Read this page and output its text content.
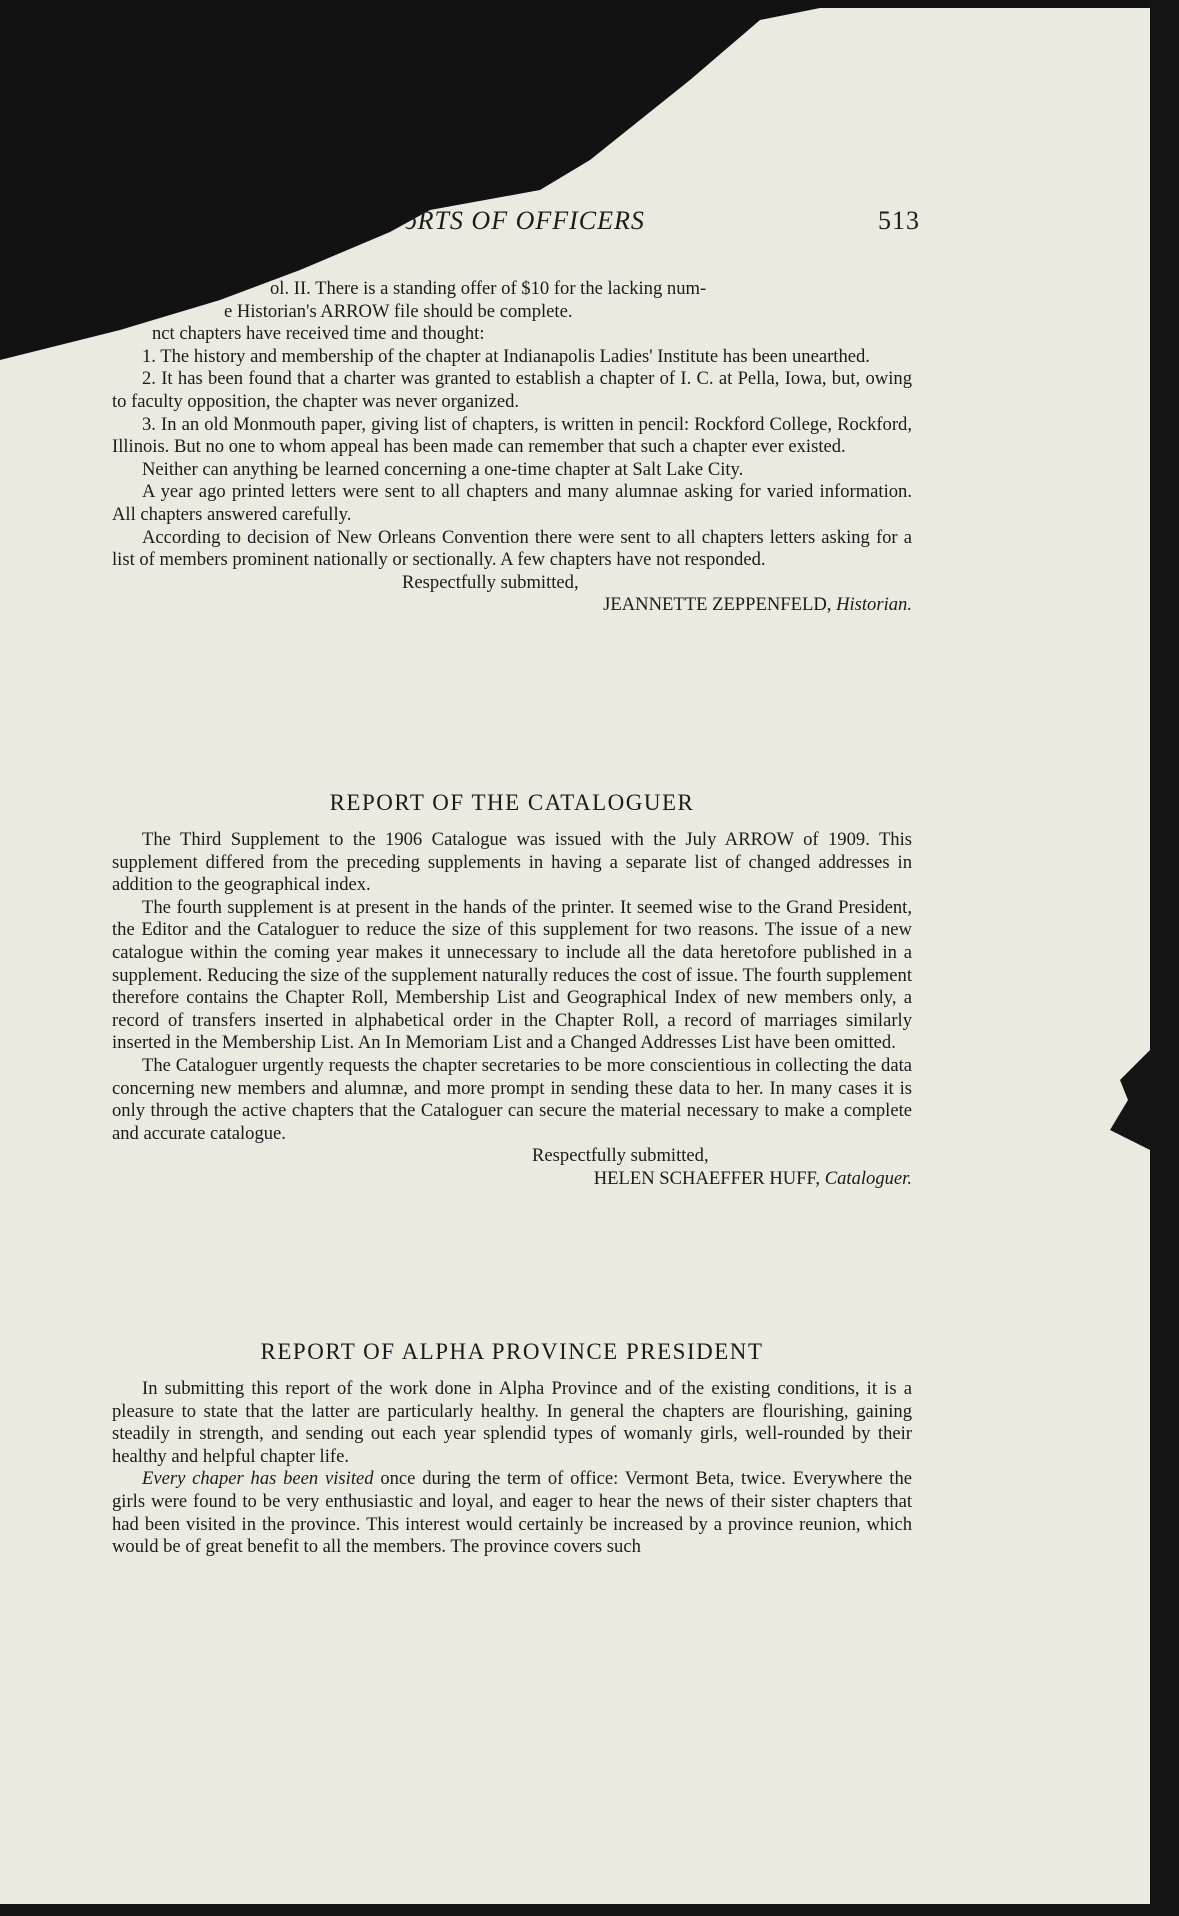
ↄRTS OF OFFICERS	513

ol. II. There is a standing offer of $10 for the lacking num-

e Historian's ARROW file should be complete.

nct chapters have received time and thought:

1. The history and membership of the chapter at Indianapolis Ladies' Institute has been unearthed.

2. It has been found that a charter was granted to establish a chapter of I. C. at Pella, Iowa, but, owing to faculty opposition, the chapter was never organized.

3. In an old Monmouth paper, giving list of chapters, is written in pencil: Rockford College, Rockford, Illinois. But no one to whom appeal has been made can remember that such a chapter ever existed.

Neither can anything be learned concerning a one-time chapter at Salt Lake City.

A year ago printed letters were sent to all chapters and many alumnae asking for varied information. All chapters answered carefully.

According to decision of New Orleans Convention there were sent to all chapters letters asking for a list of members prominent nationally or sectionally. A few chapters have not responded.

Respectfully submitted,

JEANNETTE ZEPPENFELD, Historian.

REPORT OF THE CATALOGUER

The Third Supplement to the 1906 Catalogue was issued with the July ARROW of 1909. This supplement differed from the preceding supplements in having a separate list of changed addresses in addition to the geographical index.

The fourth supplement is at present in the hands of the printer. It seemed wise to the Grand President, the Editor and the Cataloguer to reduce the size of this supplement for two reasons. The issue of a new catalogue within the coming year makes it unnecessary to include all the data heretofore published in a supplement. Reducing the size of the supplement naturally reduces the cost of issue. The fourth supplement therefore contains the Chapter Roll, Membership List and Geographical Index of new members only, a record of transfers inserted in alphabetical order in the Chapter Roll, a record of marriages similarly inserted in the Membership List. An In Memoriam List and a Changed Addresses List have been omitted.

The Cataloguer urgently requests the chapter secretaries to be more conscientious in collecting the data concerning new members and alumnæ, and more prompt in sending these data to her. In many cases it is only through the active chapters that the Cataloguer can secure the material necessary to make a complete and accurate catalogue.

Respectfully submitted,

HELEN SCHAEFFER HUFF, Cataloguer.

REPORT OF ALPHA PROVINCE PRESIDENT

In submitting this report of the work done in Alpha Province and of the existing conditions, it is a pleasure to state that the latter are particularly healthy. In general the chapters are flourishing, gaining steadily in strength, and sending out each year splendid types of womanly girls, well-rounded by their healthy and helpful chapter life.

Every chaper has been visited once during the term of office: Vermont Beta, twice. Everywhere the girls were found to be very enthusiastic and loyal, and eager to hear the news of their sister chapters that had been visited in the province. This interest would certainly be increased by a province reunion, which would be of great benefit to all the members. The province covers such
